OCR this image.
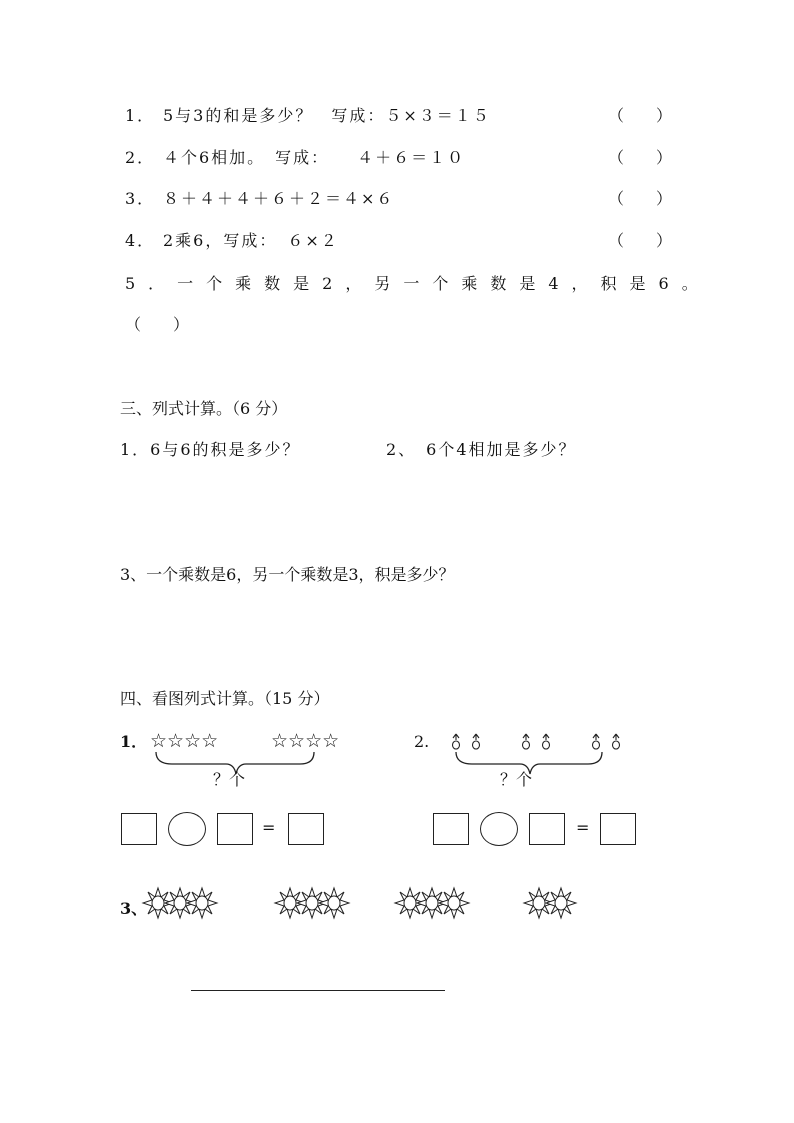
1． 5与3的和是多少？　写成：５×３＝１５	（　　）
2． ４个6相加。　写成：　　４＋６＝１０	（　　）
3． ８＋４＋４＋６＋２＝４×６	（　　）
4． 2乘6，写成：　６×２	（　　）
5．一个乘数是2，另一个乘数是4，积是6。
（　　）
三、列式计算。（6 分）
1．6与6的积是多少？	2、　6个4相加是多少？
3、一个乘数是6，另一个乘数是3，积是多少？
四、看图列式计算。（15 分）
1． ☆☆☆☆	☆☆☆☆
？个
=
2.
？个
=
3、
